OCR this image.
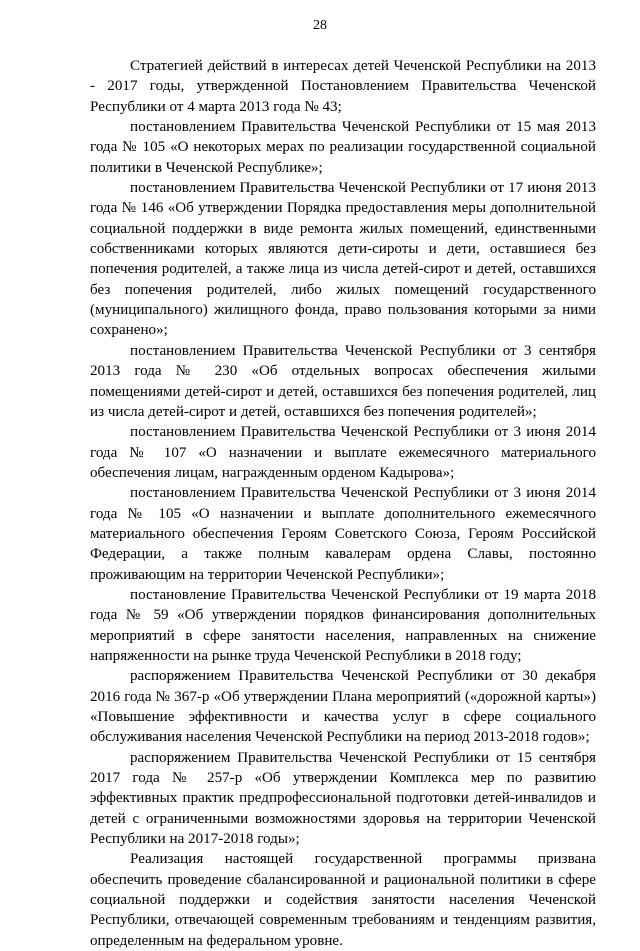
28

Стратегией действий в интересах детей Чеченской Республики на 2013 - 2017 годы, утвержденной Постановлением Правительства Чеченской Республики от 4 марта 2013 года № 43;

постановлением Правительства Чеченской Республики от 15 мая 2013 года № 105 «О некоторых мерах по реализации государственной социальной политики в Чеченской Республике»;

постановлением Правительства Чеченской Республики от 17 июня 2013 года № 146 «Об утверждении Порядка предоставления меры дополнительной социальной поддержки в виде ремонта жилых помещений, единственными собственниками которых являются дети-сироты и дети, оставшиеся без попечения родителей, а также лица из числа детей-сирот и детей, оставшихся без попечения родителей, либо жилых помещений государственного (муниципального) жилищного фонда, право пользования которыми за ними сохранено»;

постановлением Правительства Чеченской Республики от 3 сентября 2013 года № 230 «Об отдельных вопросах обеспечения жилыми помещениями детей-сирот и детей, оставшихся без попечения родителей, лиц из числа детей-сирот и детей, оставшихся без попечения родителей»;

постановлением Правительства Чеченской Республики от 3 июня 2014 года № 107 «О назначении и выплате ежемесячного материального обеспечения лицам, награжденным орденом Кадырова»;

постановлением Правительства Чеченской Республики от 3 июня 2014 года № 105 «О назначении и выплате дополнительного ежемесячного материального обеспечения Героям Советского Союза, Героям Российской Федерации, а также полным кавалерам ордена Славы, постоянно проживающим на территории Чеченской Республики»;

постановление Правительства Чеченской Республики от 19 марта 2018 года № 59 «Об утверждении порядков финансирования дополнительных мероприятий в сфере занятости населения, направленных на снижение напряженности на рынке труда Чеченской Республики в 2018 году;

распоряжением Правительства Чеченской Республики от 30 декабря 2016 года № 367-р «Об утверждении Плана мероприятий («дорожной карты») «Повышение эффективности и качества услуг в сфере социального обслуживания населения Чеченской Республики на период 2013-2018 годов»;

распоряжением Правительства Чеченской Республики от 15 сентября 2017 года № 257-р «Об утверждении Комплекса мер по развитию эффективных практик предпрофессиональной подготовки детей-инвалидов и детей с ограниченными возможностями здоровья на территории Чеченской Республики на 2017-2018 годы»;

Реализация настоящей государственной программы призвана обеспечить проведение сбалансированной и рациональной политики в сфере социальной поддержки и содействия занятости населения Чеченской Республики, отвечающей современным требованиям и тенденциям развития, определенным на федеральном уровне.
